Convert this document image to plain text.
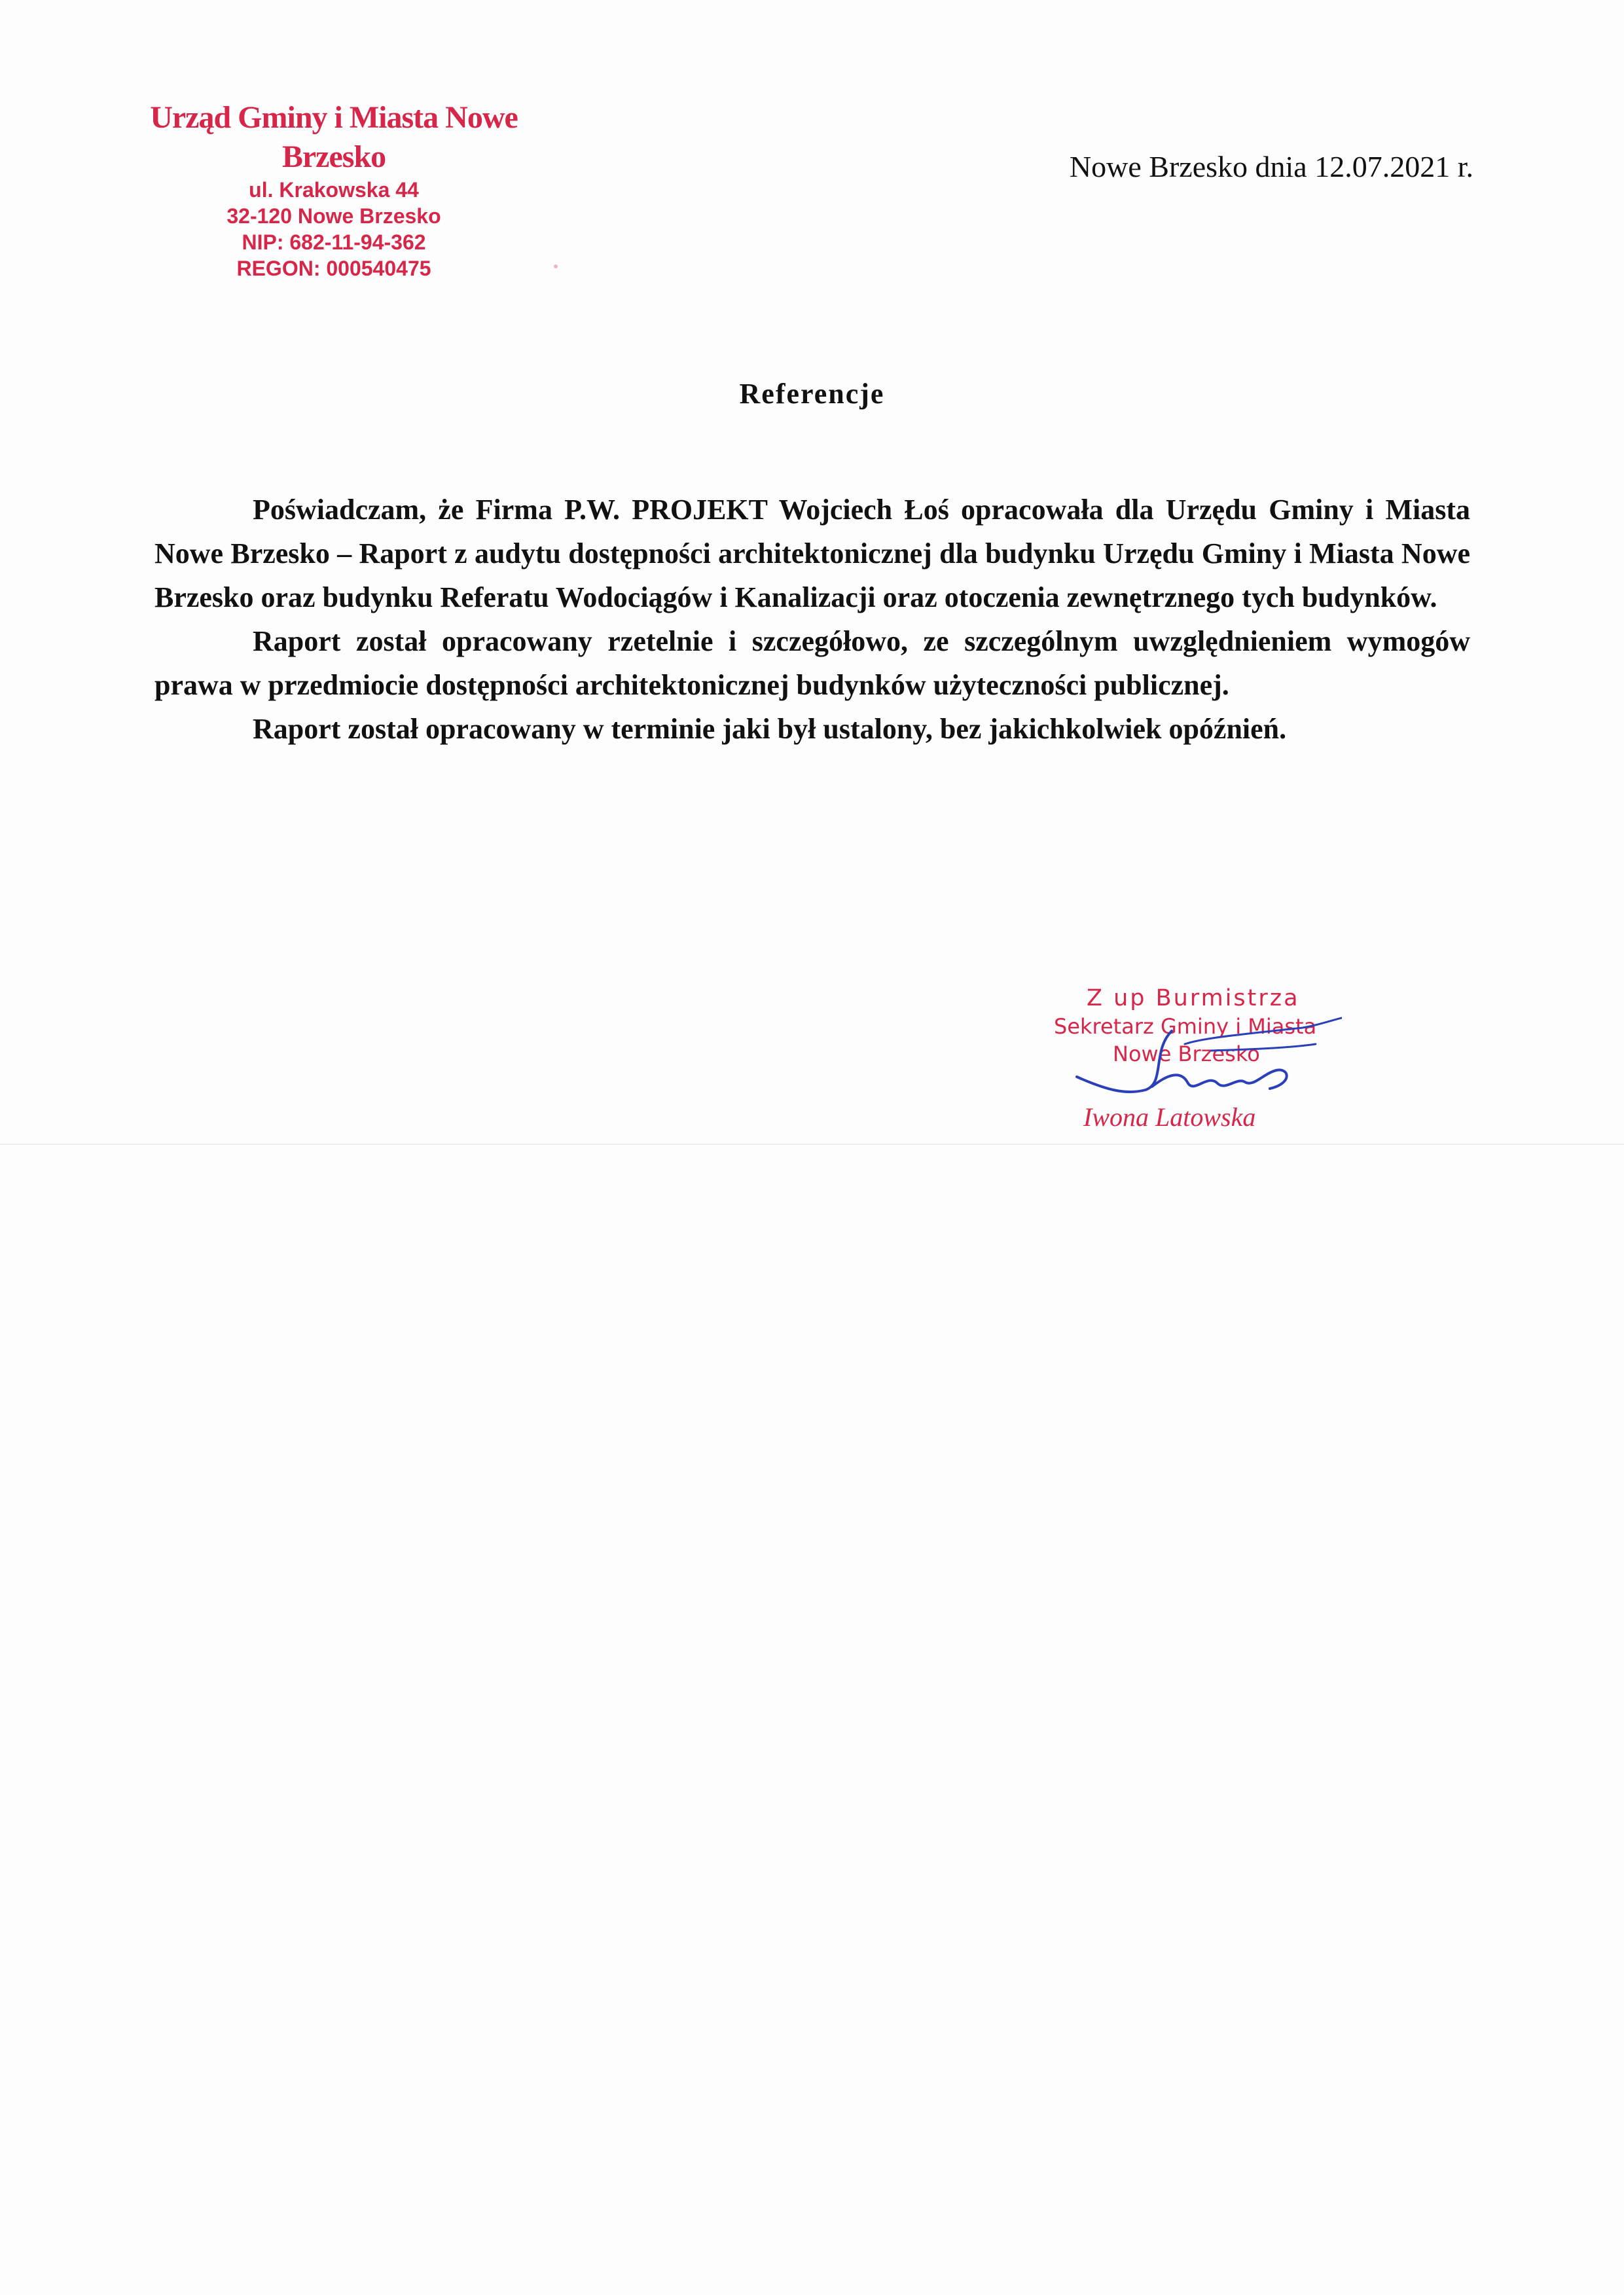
Urząd Gminy i Miasta Nowe Brzesko
ul. Krakowska 44
32-120 Nowe Brzesko
NIP: 682-11-94-362
REGON: 000540475
Nowe Brzesko dnia 12.07.2021 r.
Referencje

Poświadczam, że Firma P.W. PROJEKT Wojciech Łoś opracowała dla Urzędu Gminy i Miasta Nowe Brzesko – Raport z audytu dostępności architektonicznej dla budynku Urzędu Gminy i Miasta Nowe Brzesko oraz budynku Referatu Wodociągów i Kanalizacji oraz otoczenia zewnętrznego tych budynków.

Raport został opracowany rzetelnie i szczegółowo, ze szczególnym uwzględnieniem wymogów prawa w przedmiocie dostępności architektonicznej budynków użyteczności publicznej.

Raport został opracowany w terminie jaki był ustalony, bez jakichkolwiek opóźnień.

Z up Burmistrza
Sekretarz Gminy i Miasta
Nowe Brzesko
Iwona Latowska
